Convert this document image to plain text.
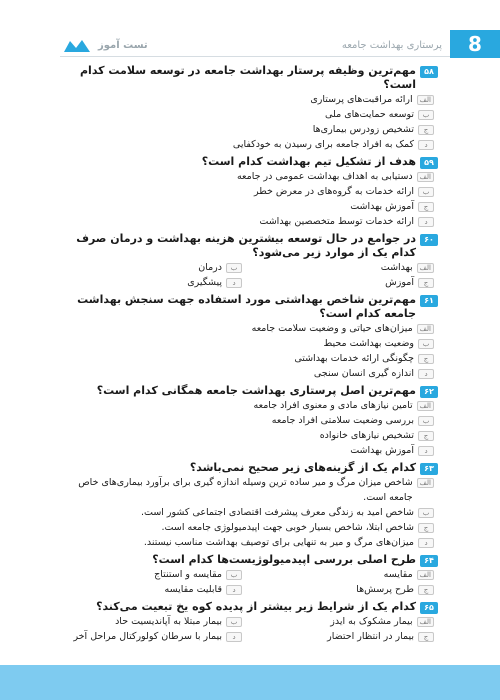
تست آموز	پرستاری بهداشت جامعه	8
۵۸
مهم‌ترین وظیفه پرستار بهداشت جامعه در توسعه سلامت کدام است؟
الف
ارائه مراقبت‌های پرستاری
ب
توسعه حمایت‌های ملی
ج
تشخیص زودرس بیماری‌ها
د
کمک به افراد جامعه برای رسیدن به خودکفایی
۵۹
هدف از تشکیل تیم بهداشت کدام است؟
الف
دستیابی به اهداف بهداشت عمومی در جامعه
ب
ارائه خدمات به گروه‌های در معرض خطر
ج
آموزش بهداشت
د
ارائه خدمات توسط متخصصین بهداشت
۶۰
در جوامع در حال توسعه بیشترین هزینه بهداشت و درمان صرف کدام یک از موارد زیر می‌شود؟
الف
بهداشت
ب
درمان
ج
آموزش
د
پیشگیری
۶۱
مهم‌ترین شاخص بهداشتی مورد استفاده جهت سنجش بهداشت جامعه کدام است؟
الف
میزان‌های حیاتی و وضعیت سلامت جامعه
ب
وضعیت بهداشت محیط
ج
چگونگی ارائه خدمات بهداشتی
د
اندازه گیری انسان سنجی
۶۲
مهم‌ترین اصل پرستاری بهداشت جامعه همگانی کدام است؟
الف
تامین نیازهای مادی و معنوی افراد جامعه
ب
بررسی وضعیت سلامتی افراد جامعه
ج
تشخیص نیازهای خانواده
د
آموزش بهداشت
۶۳
کدام یک از گزینه‌های زیر صحیح نمی‌باشد؟
الف
شاخص میزان مرگ و میر ساده ترین وسیله اندازه گیری برای برآورد بیماری‌های خاص جامعه است.
ب
شاخص امید به زندگی معرف پیشرفت اقتصادی اجتماعی کشور است.
ج
شاخص ابتلا، شاخص بسیار خوبی جهت اپیدمیولوژی جامعه است.
د
میزان‌های مرگ و میر به تنهایی برای توصیف بهداشت مناسب نیستند.
۶۴
طرح اصلی بررسی اپیدمیولوژیست‌ها کدام است؟
الف
مقایسه
ب
مقایسه و استنتاج
ج
طرح پرسش‌ها
د
قابلیت مقایسه
۶۵
کدام یک از شرایط زیر بیشتر از پدیده کوه یخ تبعیت می‌کند؟
الف
بیمار مشکوک به ایدز
ب
بیمار مبتلا به آپاندیسیت حاد
ج
بیمار در انتظار احتضار
د
بیمار با سرطان کولورکتال مراحل آخر
